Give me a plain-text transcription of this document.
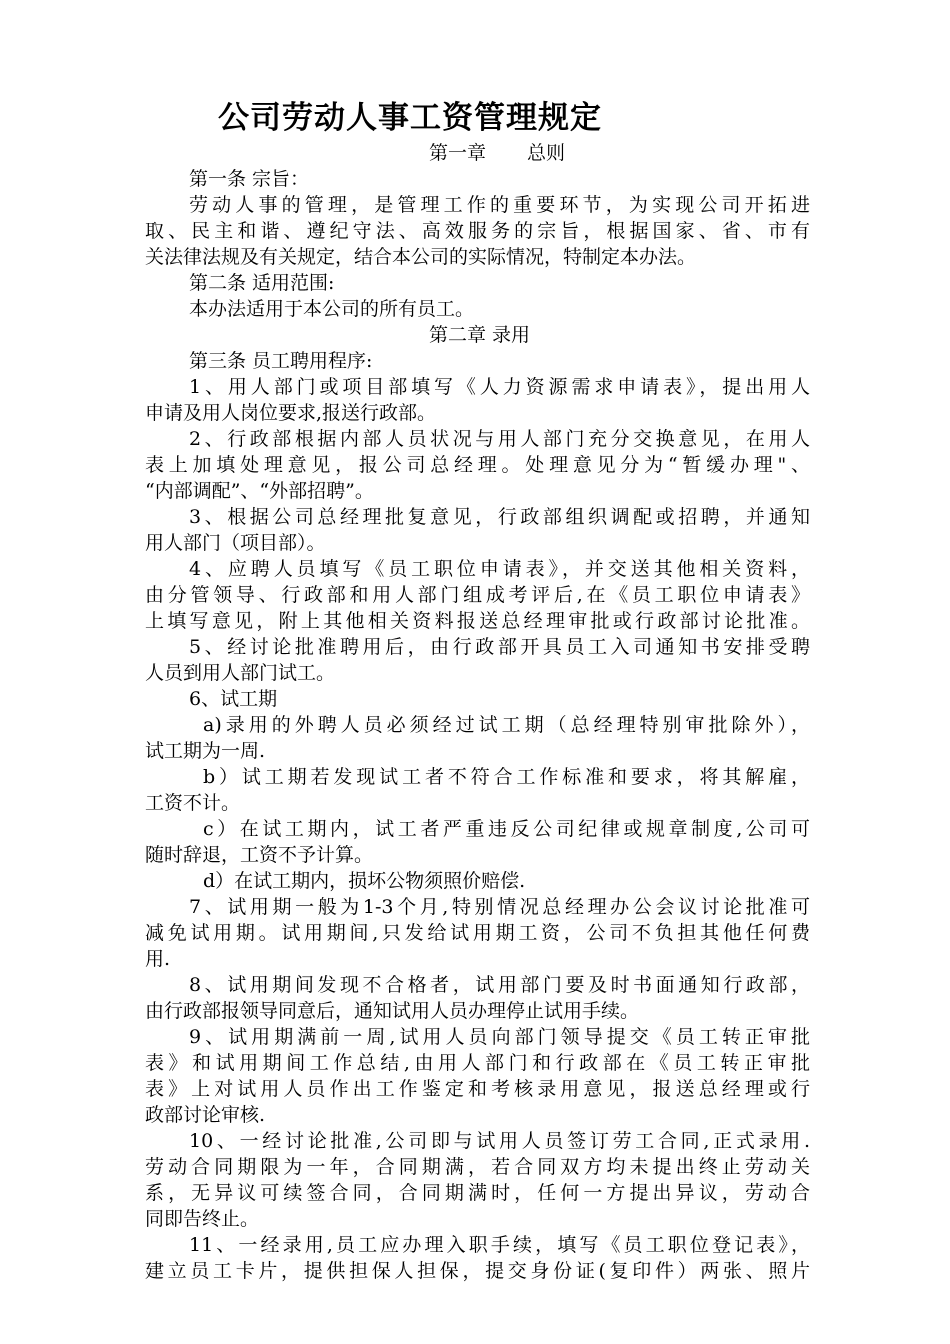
公司劳动人事工资管理规定
第一章 总则
第一条 宗旨：
劳动人事的管理，是管理工作的重要环节，为实现公司开拓进
取、民主和谐、遵纪守法、高效服务的宗旨，根据国家、省、市有
关法律法规及有关规定，结合本公司的实际情况，特制定本办法。
第二条 适用范围:
本办法适用于本公司的所有员工。
第二章 录用
第三条 员工聘用程序:
1、用人部门或项目部填写《人力资源需求申请表》，提出用人
申请及用人岗位要求,报送行政部。
2、行政部根据内部人员状况与用人部门充分交换意见，在用人
表上加填处理意见，报公司总经理。处理意见分为“暂缓办理"、
“内部调配”、“外部招聘”。
3、根据公司总经理批复意见，行政部组织调配或招聘，并通知
用人部门（项目部）。
4、应聘人员填写《员工职位申请表》，并交送其他相关资料，
由分管领导、行政部和用人部门组成考评后,在《员工职位申请表》
上填写意见，附上其他相关资料报送总经理审批或行政部讨论批准。
5、经讨论批准聘用后，由行政部开具员工入司通知书安排受聘
人员到用人部门试工。
6、试工期
a)录用的外聘人员必须经过试工期（总经理特别审批除外），
试工期为一周.
b）试工期若发现试工者不符合工作标准和要求，将其解雇，
工资不计。
c）在试工期内，试工者严重违反公司纪律或规章制度,公司可
随时辞退，工资不予计算。
d）在试工期内，损坏公物须照价赔偿.
7、试用期一般为1-3个月,特别情况总经理办公会议讨论批准可
减免试用期。试用期间,只发给试用期工资，公司不负担其他任何费
用.
8、试用期间发现不合格者，试用部门要及时书面通知行政部，
由行政部报领导同意后，通知试用人员办理停止试用手续。
9、试用期满前一周,试用人员向部门领导提交《员工转正审批
表》和试用期间工作总结,由用人部门和行政部在《员工转正审批
表》上对试用人员作出工作鉴定和考核录用意见，报送总经理或行
政部讨论审核.
10、一经讨论批准,公司即与试用人员签订劳工合同,正式录用.
劳动合同期限为一年，合同期满，若合同双方均未提出终止劳动关
系，无异议可续签合同，合同期满时，任何一方提出异议，劳动合
同即告终止。
11、一经录用,员工应办理入职手续，填写《员工职位登记表》，
建立员工卡片，提供担保人担保，提交身份证(复印件）两张、照片
